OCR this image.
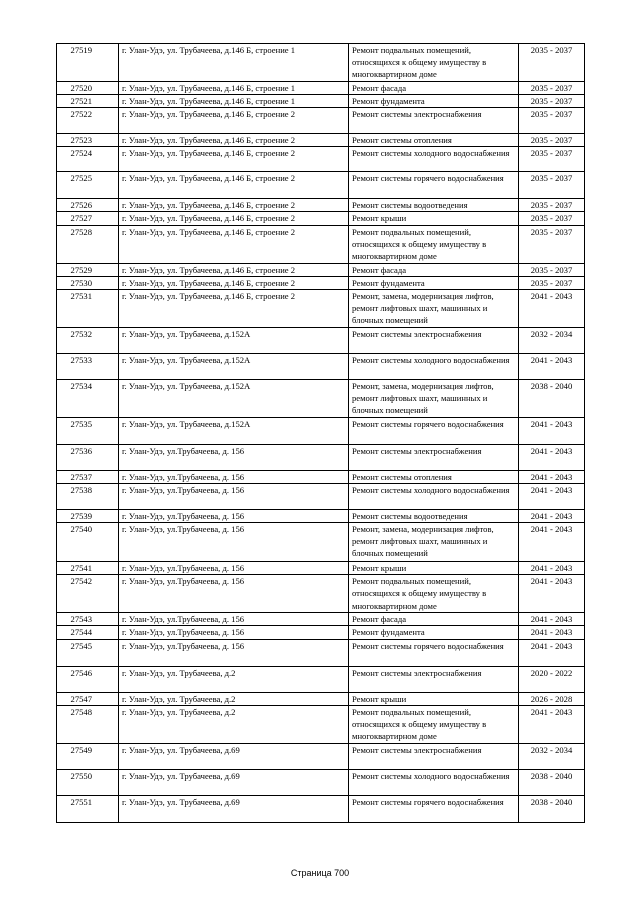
27519	г. Улан-Удэ, ул. Трубачеева, д.146 Б, строение 1	Ремонт подвальных помещений, относящихся к общему имуществу в многоквартирном доме	2035 - 2037
27520	г. Улан-Удэ, ул. Трубачеева, д.146 Б, строение 1	Ремонт фасада	2035 - 2037
27521	г. Улан-Удэ, ул. Трубачеева, д.146 Б, строение 1	Ремонт фундамента	2035 - 2037
27522	г. Улан-Удэ, ул. Трубачеева, д.146 Б, строение 2	Ремонт системы электроснабжения	2035 - 2037
27523	г. Улан-Удэ, ул. Трубачеева, д.146 Б, строение 2	Ремонт системы отопления	2035 - 2037
27524	г. Улан-Удэ, ул. Трубачеева, д.146 Б, строение 2	Ремонт системы холодного водоснабжения	2035 - 2037
27525	г. Улан-Удэ, ул. Трубачеева, д.146 Б, строение 2	Ремонт системы горячего водоснабжения	2035 - 2037
27526	г. Улан-Удэ, ул. Трубачеева, д.146 Б, строение 2	Ремонт системы водоотведения	2035 - 2037
27527	г. Улан-Удэ, ул. Трубачеева, д.146 Б, строение 2	Ремонт крыши	2035 - 2037
27528	г. Улан-Удэ, ул. Трубачеева, д.146 Б, строение 2	Ремонт подвальных помещений, относящихся к общему имуществу в многоквартирном доме	2035 - 2037
27529	г. Улан-Удэ, ул. Трубачеева, д.146 Б, строение 2	Ремонт фасада	2035 - 2037
27530	г. Улан-Удэ, ул. Трубачеева, д.146 Б, строение 2	Ремонт фундамента	2035 - 2037
27531	г. Улан-Удэ, ул. Трубачеева, д.146 Б, строение 2	Ремонт, замена, модернизация лифтов, ремонт лифтовых шахт, машинных и блочных помещений	2041 - 2043
27532	г. Улан-Удэ, ул. Трубачеева, д.152А	Ремонт системы электроснабжения	2032 - 2034
27533	г. Улан-Удэ, ул. Трубачеева, д.152А	Ремонт системы холодного водоснабжения	2041 - 2043
27534	г. Улан-Удэ, ул. Трубачеева, д.152А	Ремонт, замена, модернизация лифтов, ремонт лифтовых шахт, машинных и блочных помещений	2038 - 2040
27535	г. Улан-Удэ, ул. Трубачеева, д.152А	Ремонт системы горячего водоснабжения	2041 - 2043
27536	г. Улан-Удэ, ул.Трубачеева, д. 156	Ремонт системы электроснабжения	2041 - 2043
27537	г. Улан-Удэ, ул.Трубачеева, д. 156	Ремонт системы отопления	2041 - 2043
27538	г. Улан-Удэ, ул.Трубачеева, д. 156	Ремонт системы холодного водоснабжения	2041 - 2043
27539	г. Улан-Удэ, ул.Трубачеева, д. 156	Ремонт системы водоотведения	2041 - 2043
27540	г. Улан-Удэ, ул.Трубачеева, д. 156	Ремонт, замена, модернизация лифтов, ремонт лифтовых шахт, машинных и блочных помещений	2041 - 2043
27541	г. Улан-Удэ, ул.Трубачеева, д. 156	Ремонт крыши	2041 - 2043
27542	г. Улан-Удэ, ул.Трубачеева, д. 156	Ремонт подвальных помещений, относящихся к общему имуществу в многоквартирном доме	2041 - 2043
27543	г. Улан-Удэ, ул.Трубачеева, д. 156	Ремонт фасада	2041 - 2043
27544	г. Улан-Удэ, ул.Трубачеева, д. 156	Ремонт фундамента	2041 - 2043
27545	г. Улан-Удэ, ул.Трубачеева, д. 156	Ремонт системы горячего водоснабжения	2041 - 2043
27546	г. Улан-Удэ, ул. Трубачеева, д.2	Ремонт системы электроснабжения	2020 - 2022
27547	г. Улан-Удэ, ул. Трубачеева, д.2	Ремонт крыши	2026 - 2028
27548	г. Улан-Удэ, ул. Трубачеева, д.2	Ремонт подвальных помещений, относящихся к общему имуществу в многоквартирном доме	2041 - 2043
27549	г. Улан-Удэ, ул. Трубачеева, д.69	Ремонт системы электроснабжения	2032 - 2034
27550	г. Улан-Удэ, ул. Трубачеева, д.69	Ремонт системы холодного водоснабжения	2038 - 2040
27551	г. Улан-Удэ, ул. Трубачеева, д.69	Ремонт системы горячего водоснабжения	2038 - 2040
Страница 700
